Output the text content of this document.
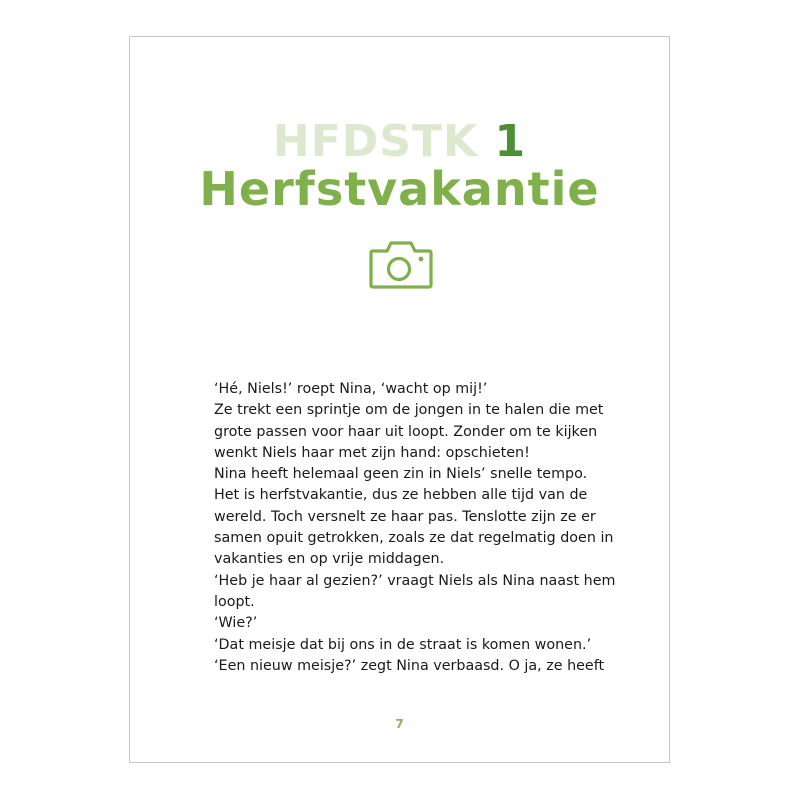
HFDSTK 1
Herfstvakantie
‘Hé, Niels!’ roept Nina, ‘wacht op mij!’
Ze trekt een sprintje om de jongen in te halen die met
grote passen voor haar uit loopt. Zonder om te kijken
wenkt Niels haar met zijn hand: opschieten!
Nina heeft helemaal geen zin in Niels’ snelle tempo.
Het is herfstvakantie, dus ze hebben alle tijd van de
wereld. Toch versnelt ze haar pas. Tenslotte zijn ze er
samen opuit getrokken, zoals ze dat regelmatig doen in
vakanties en op vrije middagen.
‘Heb je haar al gezien?’ vraagt Niels als Nina naast hem
loopt.
‘Wie?’
‘Dat meisje dat bij ons in de straat is komen wonen.’
‘Een nieuw meisje?’ zegt Nina verbaasd. O ja, ze heeft
7
